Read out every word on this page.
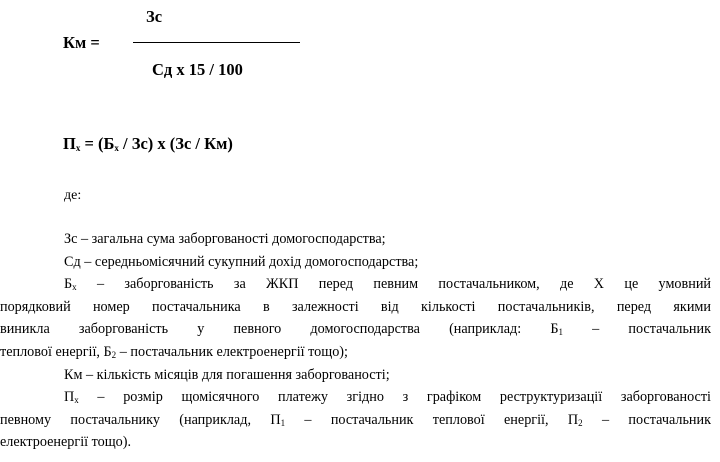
Км =
Зс
Сд х 15 / 100
$П_х = (Б_х / Зс)$ х (Зс / Км)
де:
Зс – загальна сума заборгованості домогосподарства;
Сд – середньомісячний сукупний дохід домогосподарства;
$Б_х$ – заборгованість за ЖКП перед певним постачальником, де Х це умовний
порядковий номер постачальника в залежності від кількості постачальників, перед якими
виникла заборгованість у певного домогосподарства (наприклад: $Б_1$ – постачальник
теплової енергії, $Б_2$ – постачальник електроенергії тощо);
Км – кількість місяців для погашення заборгованості;
$П_х$ – розмір щомісячного платежу згідно з графіком реструктуризації заборгованості
певному постачальнику (наприклад, $П_1$ – постачальник теплової енергії, $П_2$ – постачальник
електроенергії тощо).
